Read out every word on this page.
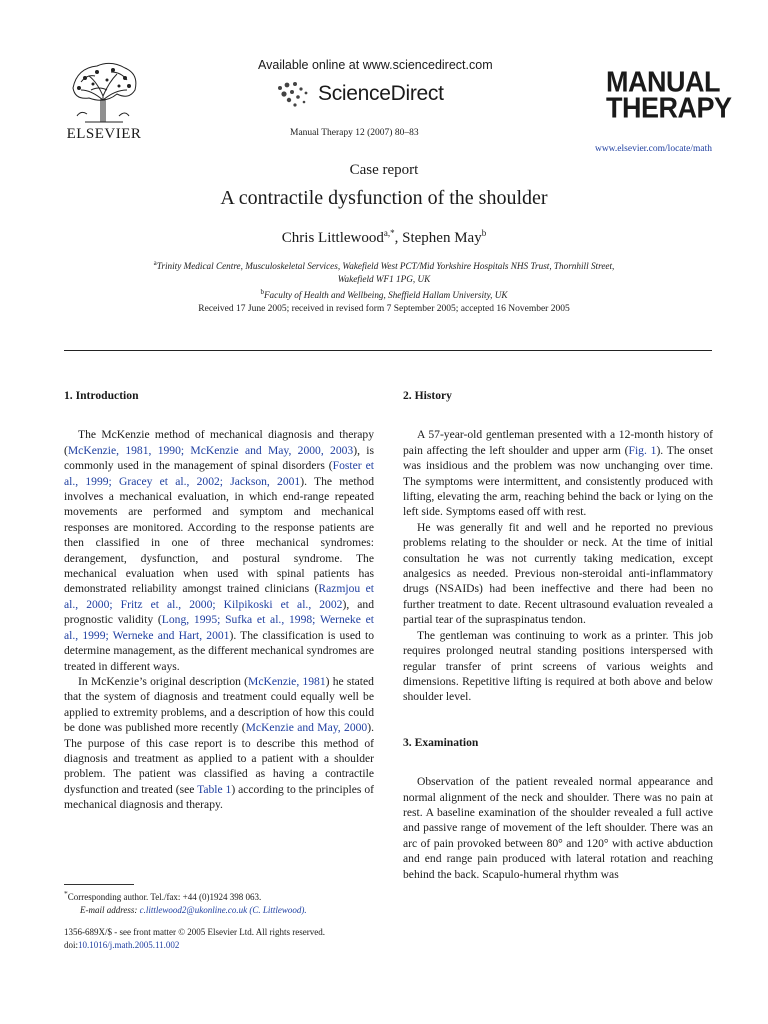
ELSEVIER
Available online at www.sciencedirect.com
ScienceDirect
Manual Therapy 12 (2007) 80–83
MANUAL
THERAPY
www.elsevier.com/locate/math
Case report
A contractile dysfunction of the shoulder
Chris Littlewood$^{a,*}$, Stephen May$^b$
$^a$Trinity Medical Centre, Musculoskeletal Services, Wakefield West PCT/Mid Yorkshire Hospitals NHS Trust, Thornhill Street,
Wakefield WF1 1PG, UK
$^b$Faculty of Health and Wellbeing, Sheffield Hallam University, UK
Received 17 June 2005; received in revised form 7 September 2005; accepted 16 November 2005
1. Introduction

The McKenzie method of mechanical diagnosis and therapy (McKenzie, 1981, 1990; McKenzie and May, 2000, 2003), is commonly used in the management of spinal disorders (Foster et al., 1999; Gracey et al., 2002; Jackson, 2001). The method involves a mechanical evaluation, in which end-range repeated movements are performed and symptom and mechanical responses are monitored. According to the response patients are then classified in one of three mechanical syndromes: derangement, dysfunction, and postural syndrome. The mechanical evaluation when used with spinal patients has demonstrated reliability amongst trained clinicians (Razmjou et al., 2000; Fritz et al., 2000; Kilpikoski et al., 2002), and prognostic validity (Long, 1995; Sufka et al., 1998; Werneke et al., 1999; Werneke and Hart, 2001). The classification is used to determine management, as the different mechanical syndromes are treated in different ways.

In McKenzie’s original description (McKenzie, 1981) he stated that the system of diagnosis and treatment could equally well be applied to extremity problems, and a description of how this could be done was published more recently (McKenzie and May, 2000). The purpose of this case report is to describe this method of diagnosis and treatment as applied to a patient with a shoulder problem. The patient was classified as having a contractile dysfunction and treated (see Table 1) according to the principles of mechanical diagnosis and therapy.

2. History

A 57-year-old gentleman presented with a 12-month history of pain affecting the left shoulder and upper arm (Fig. 1). The onset was insidious and the problem was now unchanging over time. The symptoms were intermittent, and consistently produced with lifting, elevating the arm, reaching behind the back or lying on the left side. Symptoms eased off with rest.

He was generally fit and well and he reported no previous problems relating to the shoulder or neck. At the time of initial consultation he was not currently taking medication, except analgesics as needed. Previous non-steroidal anti-inflammatory drugs (NSAIDs) had been ineffective and there had been no further treatment to date. Recent ultrasound evaluation revealed a partial tear of the supraspinatus tendon.

The gentleman was continuing to work as a printer. This job requires prolonged neutral standing positions interspersed with regular transfer of print screens of various weights and dimensions. Repetitive lifting is required at both above and below shoulder level.

3. Examination

Observation of the patient revealed normal appearance and normal alignment of the neck and shoulder. There was no pain at rest. A baseline examination of the shoulder revealed a full active and passive range of movement of the left shoulder. There was an arc of pain provoked between 80° and 120° with active abduction and end range pain produced with lateral rotation and reaching behind the back. Scapulo-humeral rhythm was

*Corresponding author. Tel./fax: +44 (0)1924 398 063.
E-mail address: c.littlewood2@ukonline.co.uk (C. Littlewood).
1356-689X/$ - see front matter © 2005 Elsevier Ltd. All rights reserved.
doi:10.1016/j.math.2005.11.002
